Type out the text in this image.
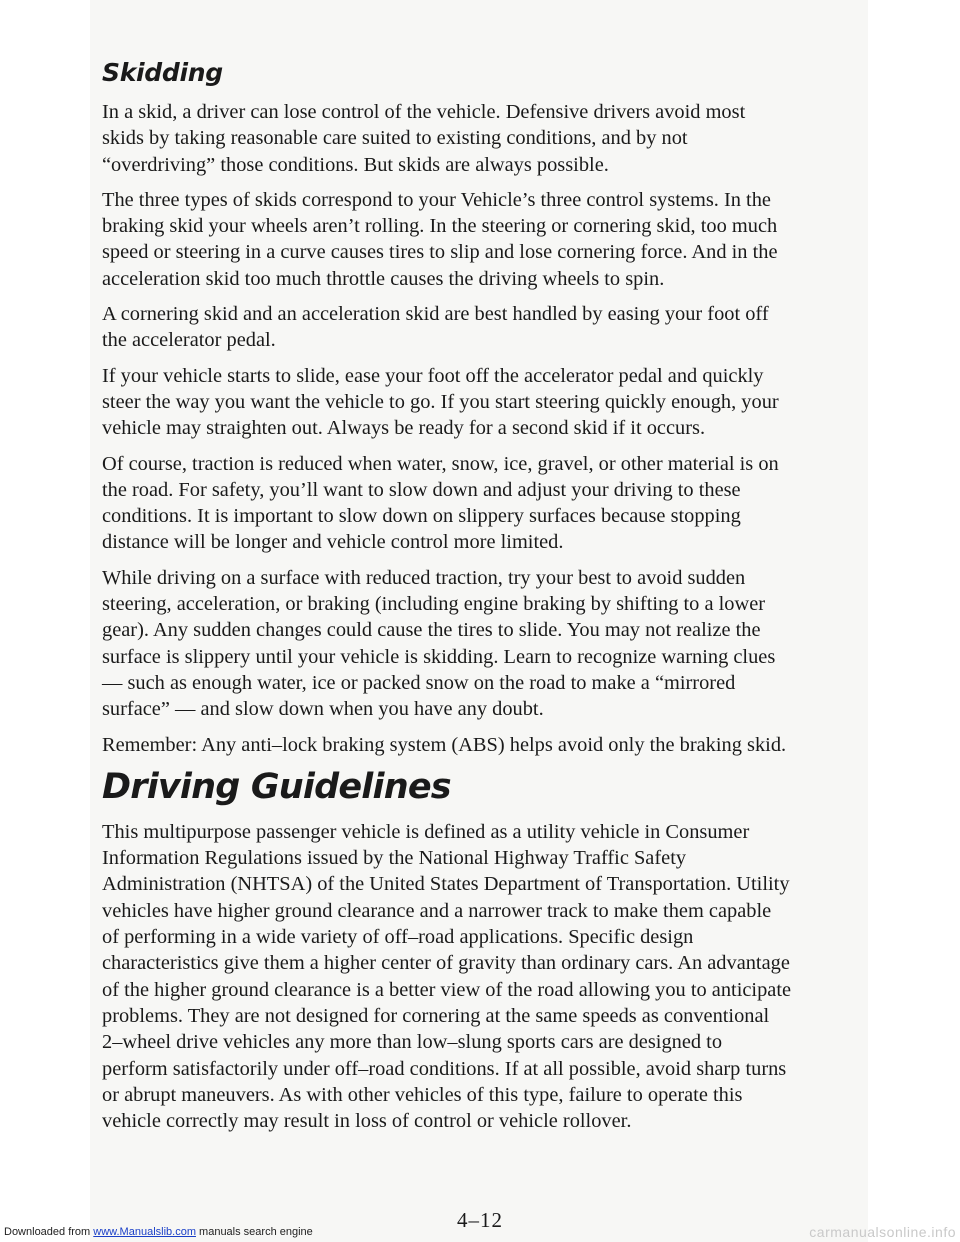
Skidding

In a skid, a driver can lose control of the vehicle. Defensive drivers avoid most skids by taking reasonable care suited to existing conditions, and by not “overdriving” those conditions. But skids are always possible.

The three types of skids correspond to your Vehicle’s three control systems. In the braking skid your wheels aren’t rolling. In the steering or cornering skid, too much speed or steering in a curve causes tires to slip and lose cornering force. And in the acceleration skid too much throttle causes the driving wheels to spin.

A cornering skid and an acceleration skid are best handled by easing your foot off the accelerator pedal.

If your vehicle starts to slide, ease your foot off the accelerator pedal and quickly steer the way you want the vehicle to go. If you start steering quickly enough, your vehicle may straighten out. Always be ready for a second skid if it occurs.

Of course, traction is reduced when water, snow, ice, gravel, or other material is on the road. For safety, you’ll want to slow down and adjust your driving to these conditions. It is important to slow down on slippery surfaces because stopping distance will be longer and vehicle control more limited.

While driving on a surface with reduced traction, try your best to avoid sudden steering, acceleration, or braking (including engine braking by shifting to a lower gear). Any sudden changes could cause the tires to slide. You may not realize the surface is slippery until your vehicle is skidding. Learn to recognize warning clues — such as enough water, ice or packed snow on the road to make a “mirrored surface” — and slow down when you have any doubt.

Remember: Any anti–lock braking system (ABS) helps avoid only the braking skid.

Driving Guidelines

This multipurpose passenger vehicle is defined as a utility vehicle in Consumer Information Regulations issued by the National Highway Traffic Safety Administration (NHTSA) of the United States Department of Transportation. Utility vehicles have higher ground clearance and a narrower track to make them capable of performing in a wide variety of off–road applications. Specific design characteristics give them a higher center of gravity than ordinary cars. An advantage of the higher ground clearance is a better view of the road allowing you to anticipate problems. They are not designed for cornering at the same speeds as conventional 2–wheel drive vehicles any more than low–slung sports cars are designed to perform satisfactorily under off–road conditions. If at all possible, avoid sharp turns or abrupt maneuvers. As with other vehicles of this type, failure to operate this vehicle correctly may result in loss of control or vehicle rollover.

4–12
Downloaded from www.Manualslib.com manuals search engine	carmanualsonline.info
